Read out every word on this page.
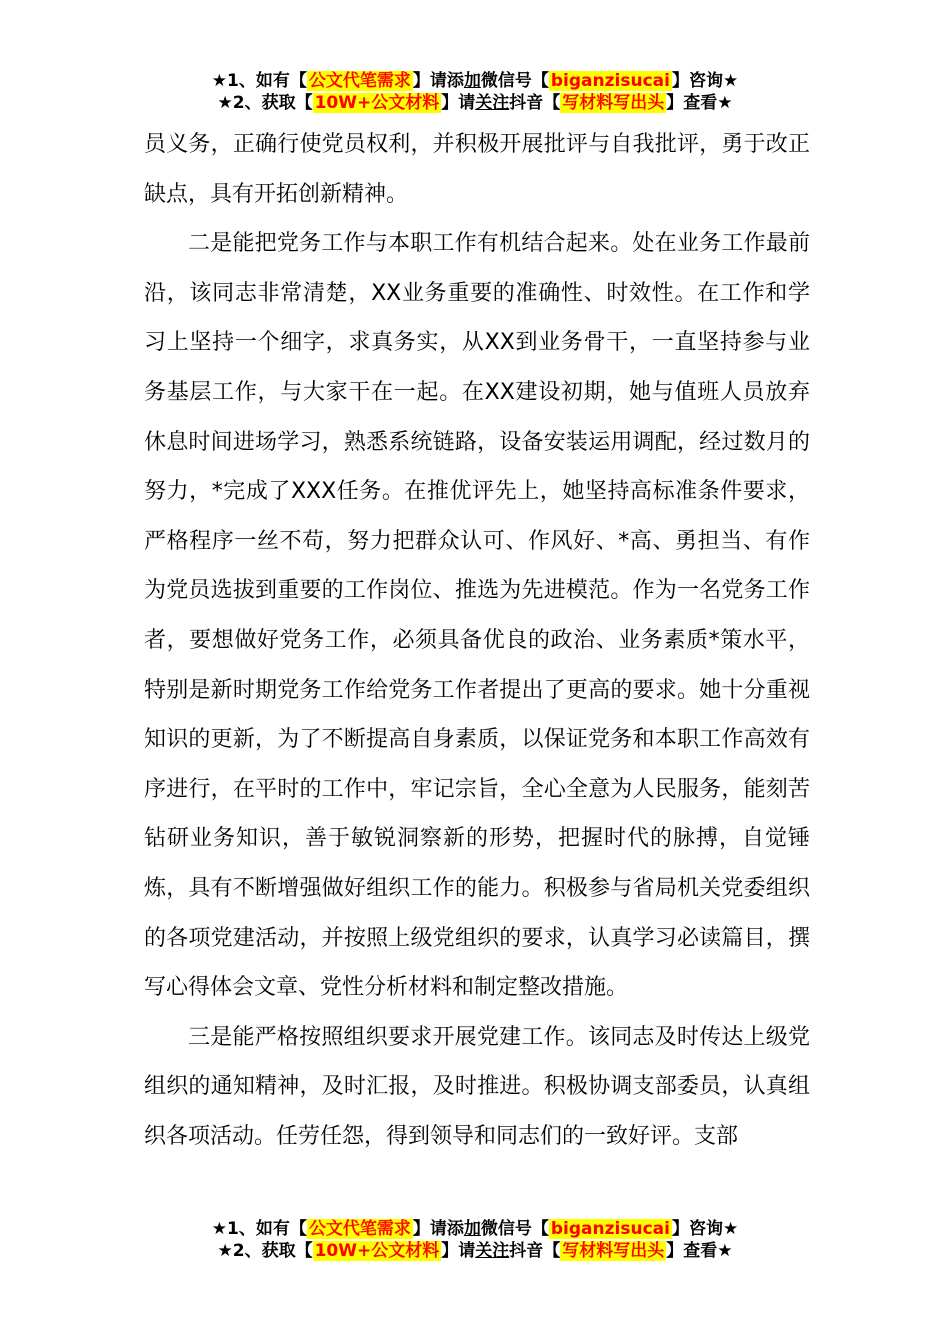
★1、如有【 公文代笔需求 】请添加微信号【 biganzisucai 】咨询★
★2、获取【 10W+公文材料 】请关注抖音【 写材料写出头 】查看★

员义务，正确行使党员权利，并积极开展批评与自我批评，勇于改正缺点，具有开拓创新精神。

二是能把党务工作与本职工作有机结合起来。处在业务工作最前沿，该同志非常清楚，XX业务重要的准确性、时效性。在工作和学习上坚持一个细字，求真务实，从XX到业务骨干，一直坚持参与业务基层工作，与大家干在一起。在XX建设初期，她与值班人员放弃休息时间进场学习，熟悉系统链路，设备安装运用调配，经过数月的努力，*完成了XXX任务。在推优评先上，她坚持高标准条件要求，严格程序一丝不苟，努力把群众认可、作风好、*高、勇担当、有作为党员选拔到重要的工作岗位、推选为先进模范。作为一名党务工作者，要想做好党务工作，必须具备优良的政治、业务素质*策水平，特别是新时期党务工作给党务工作者提出了更高的要求。她十分重视知识的更新，为了不断提高自身素质，以保证党务和本职工作高效有序进行，在平时的工作中，牢记宗旨，全心全意为人民服务，能刻苦钻研业务知识，善于敏锐洞察新的形势，把握时代的脉搏，自觉锤炼，具有不断增强做好组织工作的能力。积极参与省局机关党委组织的各项党建活动，并按照上级党组织的要求，认真学习必读篇目，撰写心得体会文章、党性分析材料和制定整改措施。

三是能严格按照组织要求开展党建工作。该同志及时传达上级党组织的通知精神，及时汇报，及时推进。积极协调支部委员，认真组织各项活动。任劳任怨，得到领导和同志们的一致好评。支部

★1、如有【 公文代笔需求 】请添加微信号【 biganzisucai 】咨询★
★2、获取【 10W+公文材料 】请关注抖音【 写材料写出头 】查看★
